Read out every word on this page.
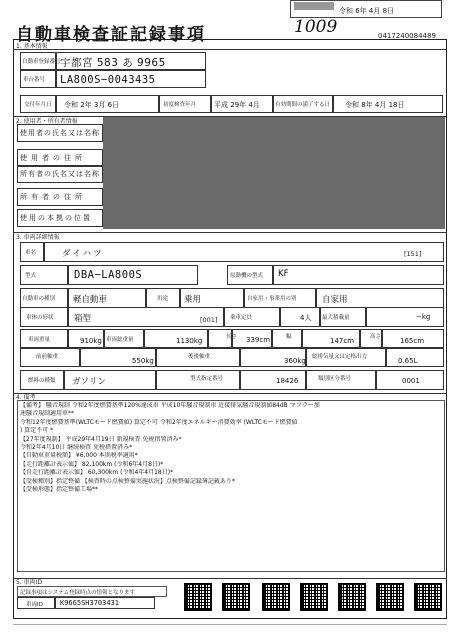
令和 6年 4月 8日
自動車検査証記録事項	1009	0417240084489
1. 基本情報
自動車登録番号 宇都宮 583 あ 9965
車台番号 LA800S−0043435
交付年月日 令和 2年 3月 6日	初度検査年月	平成 29年 4月	有効期間の満了する日 令和 8年 4月 18日
2. 使用者・所有者情報
使用者の氏名又は名称
使用者の住所
所有者の氏名又は名称
所有者の住所
使用の本拠の位置
3. 車両詳細情報
車名	ダイハツ	[151]
型式	DBA−LA800S	原動機の型式 KF
自動車の種別 軽自動車	用途 乗用	自家用・事業用の別	自家用
車体の形状 箱型	[001] 乗車定員	4人 最大積載量	−kg
車両重量	910kg 車両総重量	1130kg	長さ 339cm	幅	147cm	高さ	165cm
前前軸重	550kg	後後軸重	360kg 総排気量又は定格出力	0.65L
燃料の種類 ガソリン	型式指定番号	18426	類別区分番号	0001
4. 備考
【備考】 騒音規制 令和2年度燃費基準120%達成車 平成10年騒音規制車 近接排気騒音規制値84dB マフラー加
速騒音規制適用車**
令和12年度燃費基準(WLTCモード燃費値) 算定不可 令和2年度エネルギー消費効率 (WLTCモード燃費値
) 算定不可 *
【27年度規制】 平成29年4月19日 新規検査 免税措置済み*
令和2年4月10日 継続検査 免税措置済み*
【自動車重量税額】 ¥6,000 本則税率適用*
【走行距離計表示値】 82,100km (令和6年4月8日)*
【自走行距離計表示値】 60,300km (令和4年4月18日)*
【受検種別】指定整備 【検査時の点検整備実施状況】点検整備記録簿記載あり*
【受検形態】指定整備工場**
5. 車両ID
記録事項はシステム登録時点の情報となります
車両ID K9665SH3703431
